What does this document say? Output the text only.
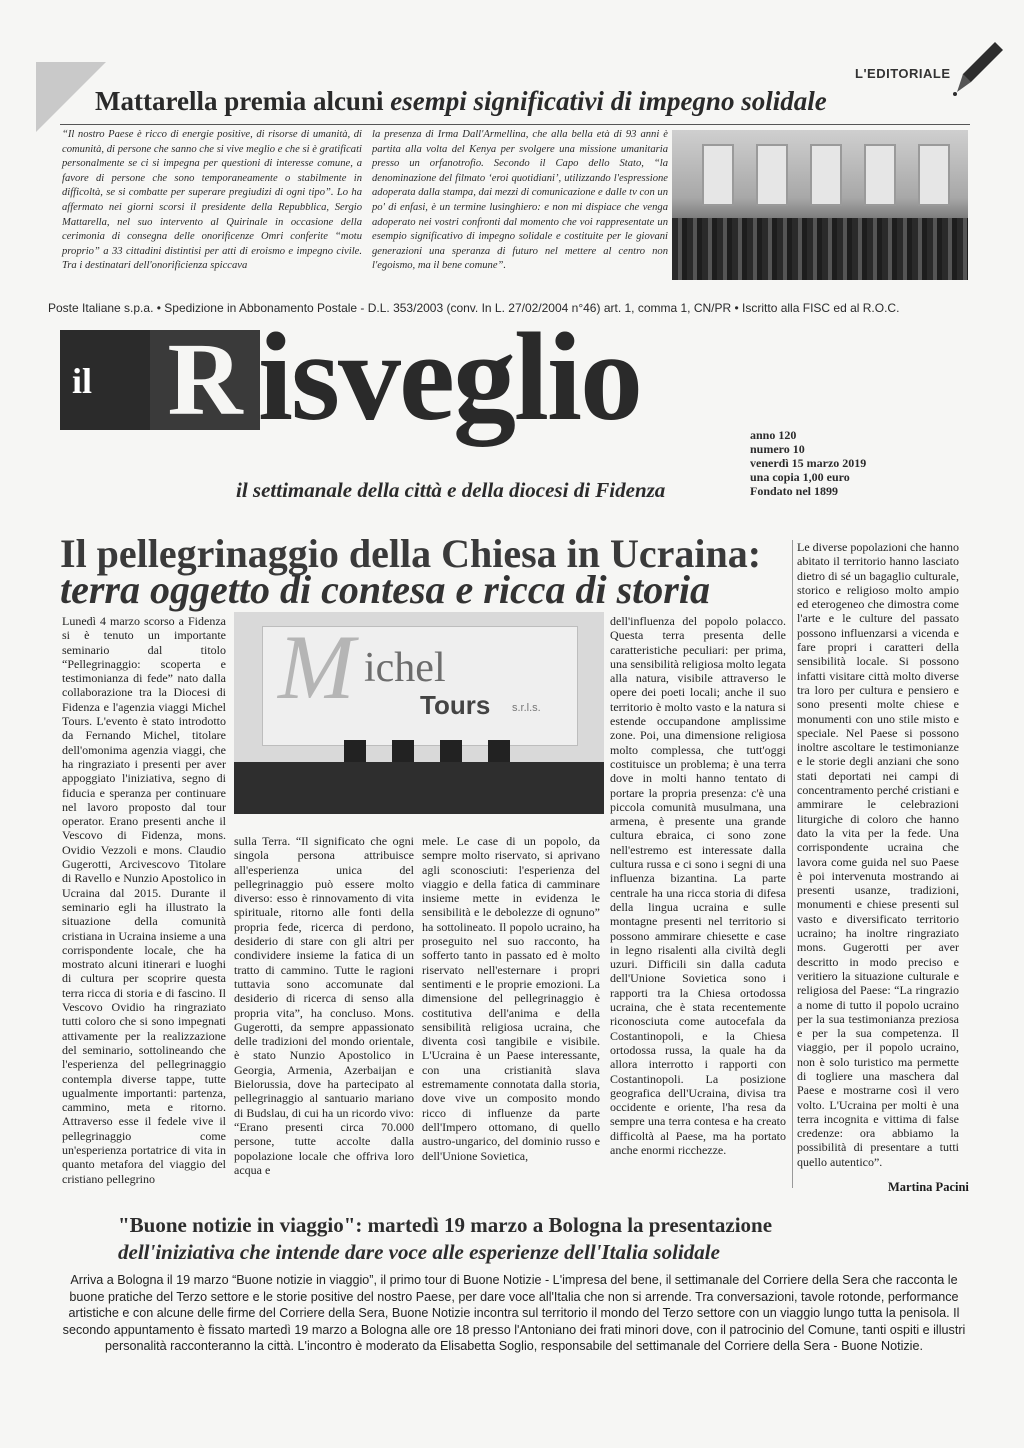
L'EDITORIALE
Mattarella premia alcuni esempi significativi di impegno solidale
“Il nostro Paese è ricco di energie positive, di risorse di umanità, di comunità, di persone che sanno che si vive meglio e che si è gratificati personalmente se ci si impegna per questioni di interesse comune, a favore di persone che sono temporaneamente o stabilmente in difficoltà, se si combatte per superare pregiudizi di ogni tipo”. Lo ha affermato nei giorni scorsi il presidente della Repubblica, Sergio Mattarella, nel suo intervento al Quirinale in occasione della cerimonia di consegna delle onorificenze Omri conferite “motu proprio” a 33 cittadini distintisi per atti di eroismo e impegno civile. Tra i destinatari dell'onorificienza spiccava
la presenza di Irma Dall'Armellina, che alla bella età di 93 anni è partita alla volta del Kenya per svolgere una missione umanitaria presso un orfanotrofio. Secondo il Capo dello Stato, “la denominazione del filmato ‘eroi quotidiani’, utilizzando l'espressione adoperata dalla stampa, dai mezzi di comunicazione e dalle tv con un po' di enfasi, è un termine lusinghiero: e non mi dispiace che venga adoperato nei vostri confronti dal momento che voi rappresentate un esempio significativo di impegno solidale e costituite per le giovani generazioni una speranza di futuro nel mettere al centro non l'egoismo, ma il bene comune”.
Poste Italiane s.p.a. • Spedizione in Abbonamento Postale - D.L. 353/2003 (conv. In L. 27/02/2004 n°46) art. 1, comma 1, CN/PR • Iscritto alla FISC ed al R.O.C.
il R isveglio
il settimanale della città e della diocesi di Fidenza
anno 120
numero 10
venerdì 15 marzo 2019
una copia 1,00 euro
Fondato nel 1899
Il pellegrinaggio della Chiesa in Ucraina:
terra oggetto di contesa e ricca di storia
Lunedì 4 marzo scorso a Fidenza si è tenuto un importante seminario dal titolo “Pellegrinaggio: scoperta e testimonianza di fede” nato dalla collaborazione tra la Diocesi di Fidenza e l'agenzia viaggi Michel Tours. L'evento è stato introdotto da Fernando Michel, titolare dell'omonima agenzia viaggi, che ha ringraziato i presenti per aver appoggiato l'iniziativa, segno di fiducia e speranza per continuare nel lavoro proposto dal tour operator. Erano presenti anche il Vescovo di Fidenza, mons. Ovidio Vezzoli e mons. Claudio Gugerotti, Arcivescovo Titolare di Ravello e Nunzio Apostolico in Ucraina dal 2015. Durante il seminario egli ha illustrato la situazione della comunità cristiana in Ucraina insieme a una corrispondente locale, che ha mostrato alcuni itinerari e luoghi di cultura per scoprire questa terra ricca di storia e di fascino. Il Vescovo Ovidio ha ringraziato tutti coloro che si sono impegnati attivamente per la realizzazione del seminario, sottolineando che l'esperienza del pellegrinaggio contempla diverse tappe, tutte ugualmente importanti: partenza, cammino, meta e ritorno. Attraverso esse il fedele vive il pellegrinaggio come un'esperienza portatrice di vita in quanto metafora del viaggio del cristiano pellegrino
M ichel
Tours s.r.l.s.
sulla Terra. “Il significato che ogni singola persona attribuisce all'esperienza unica del pellegrinaggio può essere molto diverso: esso è rinnovamento di vita spirituale, ritorno alle fonti della propria fede, ricerca di perdono, desiderio di stare con gli altri per condividere insieme la fatica di un tratto di cammino. Tutte le ragioni tuttavia sono accomunate dal desiderio di ricerca di senso alla propria vita”, ha concluso. Mons. Gugerotti, da sempre appassionato delle tradizioni del mondo orientale, è stato Nunzio Apostolico in Georgia, Armenia, Azerbaijan e Bielorussia, dove ha partecipato al pellegrinaggio al santuario mariano di Budslau, di cui ha un ricordo vivo: “Erano presenti circa 70.000 persone, tutte accolte dalla popolazione locale che offriva loro acqua e
mele. Le case di un popolo, da sempre molto riservato, si aprivano agli sconosciuti: l'esperienza del viaggio e della fatica di camminare insieme mette in evidenza le sensibilità e le debolezze di ognuno” ha sottolineato. Il popolo ucraino, ha proseguito nel suo racconto, ha sofferto tanto in passato ed è molto riservato nell'esternare i propri sentimenti e le proprie emozioni. La dimensione del pellegrinaggio è costitutiva dell'anima e della sensibilità religiosa ucraina, che diventa così tangibile e visibile. L'Ucraina è un Paese interessante, con una cristianità slava estremamente connotata dalla storia, dove vive un composito mondo ricco di influenze da parte dell'Impero ottomano, di quello austro-ungarico, del dominio russo e dell'Unione Sovietica,
dell'influenza del popolo polacco. Questa terra presenta delle caratteristiche peculiari: per prima, una sensibilità religiosa molto legata alla natura, visibile attraverso le opere dei poeti locali; anche il suo territorio è molto vasto e la natura si estende occupandone amplissime zone. Poi, una dimensione religiosa molto complessa, che tutt'oggi costituisce un problema; è una terra dove in molti hanno tentato di portare la propria presenza: c'è una piccola comunità musulmana, una armena, è presente una grande cultura ebraica, ci sono zone nell'estremo est interessate dalla cultura russa e ci sono i segni di una influenza bizantina. La parte centrale ha una ricca storia di difesa della lingua ucraina e sulle montagne presenti nel territorio si possono ammirare chiesette e case in legno risalenti alla civiltà degli uzuri. Difficili sin dalla caduta dell'Unione Sovietica sono i rapporti tra la Chiesa ortodossa ucraina, che è stata recentemente riconosciuta come autocefala da Costantinopoli, e la Chiesa ortodossa russa, la quale ha da allora interrotto i rapporti con Costantinopoli. La posizione geografica dell'Ucraina, divisa tra occidente e oriente, l'ha resa da sempre una terra contesa e ha creato difficoltà al Paese, ma ha portato anche enormi ricchezze.
Le diverse popolazioni che hanno abitato il territorio hanno lasciato dietro di sé un bagaglio culturale, storico e religioso molto ampio ed eterogeneo che dimostra come l'arte e le culture del passato possono influenzarsi a vicenda e fare propri i caratteri della sensibilità locale. Si possono infatti visitare città molto diverse tra loro per cultura e pensiero e sono presenti molte chiese e monumenti con uno stile misto e speciale. Nel Paese si possono inoltre ascoltare le testimonianze e le storie degli anziani che sono stati deportati nei campi di concentramento perché cristiani e ammirare le celebrazioni liturgiche di coloro che hanno dato la vita per la fede. Una corrispondente ucraina che lavora come guida nel suo Paese è poi intervenuta mostrando ai presenti usanze, tradizioni, monumenti e chiese presenti sul vasto e diversificato territorio ucraino; ha inoltre ringraziato mons. Gugerotti per aver descritto in modo preciso e veritiero la situazione culturale e religiosa del Paese: “La ringrazio a nome di tutto il popolo ucraino per la sua testimonianza preziosa e per la sua competenza. Il viaggio, per il popolo ucraino, non è solo turistico ma permette di togliere una maschera dal Paese e mostrarne così il vero volto. L'Ucraina per molti è una terra incognita e vittima di false credenze: ora abbiamo la possibilità di presentare a tutti quello autentico”.
Martina Pacini
"Buone notizie in viaggio": martedì 19 marzo a Bologna la presentazione
dell'iniziativa che intende dare voce alle esperienze dell'Italia solidale
Arriva a Bologna il 19 marzo “Buone notizie in viaggio”, il primo tour di Buone Notizie - L'impresa del bene, il settimanale del Corriere della Sera che racconta le buone pratiche del Terzo settore e le storie positive del nostro Paese, per dare voce all'Italia che non si arrende. Tra conversazioni, tavole rotonde, performance artistiche e con alcune delle firme del Corriere della Sera, Buone Notizie incontra sul territorio il mondo del Terzo settore con un viaggio lungo tutta la penisola. Il secondo appuntamento è fissato martedì 19 marzo a Bologna alle ore 18 presso l'Antoniano dei frati minori dove, con il patrocinio del Comune, tanti ospiti e illustri personalità racconteranno la città. L'incontro è moderato da Elisabetta Soglio, responsabile del settimanale del Corriere della Sera - Buone Notizie.
